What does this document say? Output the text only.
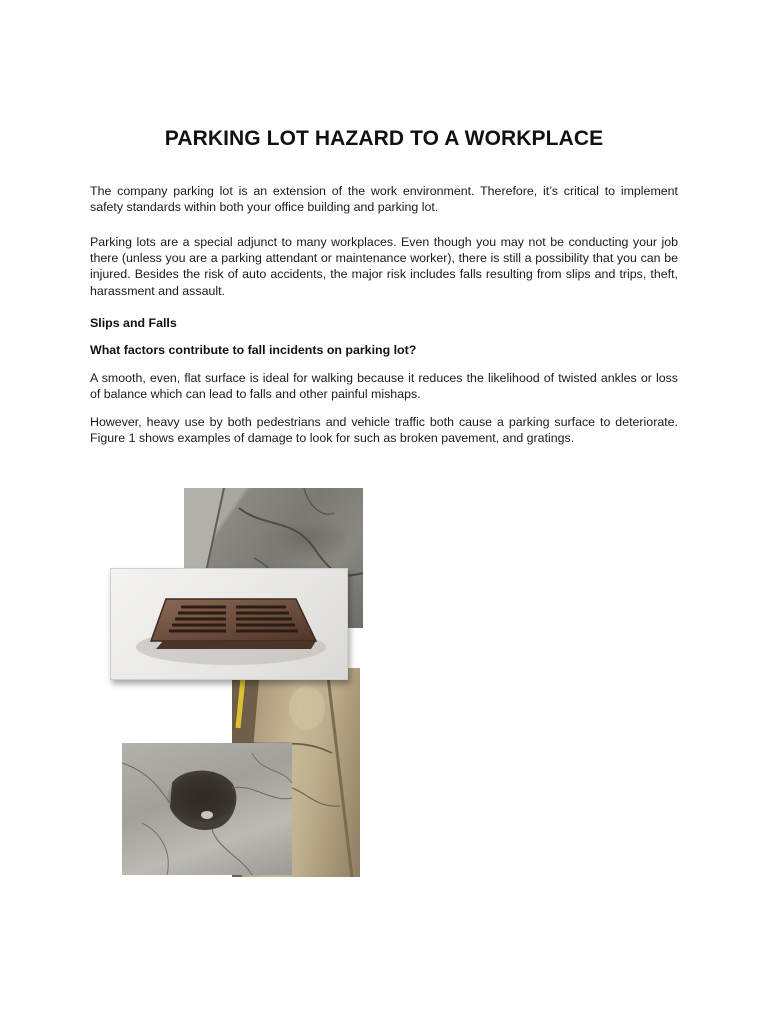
PARKING LOT HAZARD TO A WORKPLACE

The company parking lot is an extension of the work environment. Therefore, it’s critical to implement safety standards within both your office building and parking lot.

Parking lots are a special adjunct to many workplaces. Even though you may not be conducting your job there (unless you are a parking attendant or maintenance worker), there is still a possibility that you can be injured. Besides the risk of auto accidents, the major risk includes falls resulting from slips and trips, theft, harassment and assault.

Slips and Falls
What factors contribute to fall incidents on parking lot?

A smooth, even, flat surface is ideal for walking because it reduces the likelihood of twisted ankles or loss of balance which can lead to falls and other painful mishaps.

However, heavy use by both pedestrians and vehicle traffic both cause a parking surface to deteriorate. Figure 1 shows examples of damage to look for such as broken pavement, and gratings.
